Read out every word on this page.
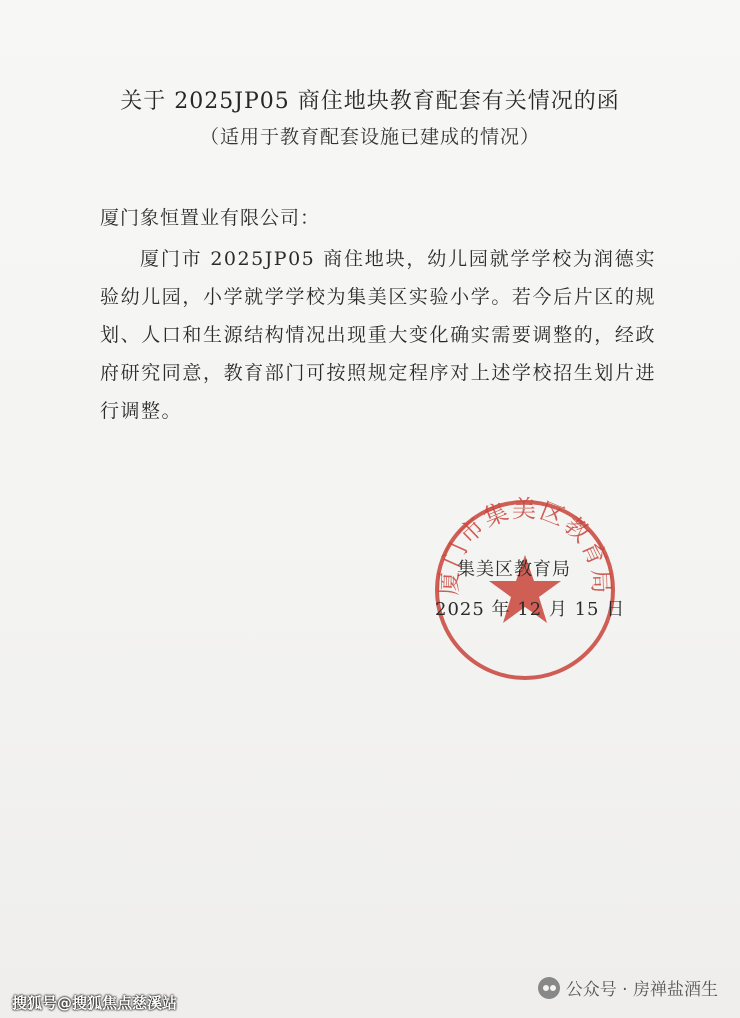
关于 2025JP05 商住地块教育配套有关情况的函
（适用于教育配套设施已建成的情况）
厦门象恒置业有限公司：

厦门市 2025JP05 商住地块，幼儿园就学学校为润德实验幼儿园，小学就学学校为集美区实验小学。若今后片区的规划、人口和生源结构情况出现重大变化确实需要调整的，经政府研究同意，教育部门可按照规定程序对上述学校招生划片进行调整。

厦门市集美区教育局
集美区教育局
2025 年 12 月 15 日
公众号 · 房禅盐酒生
搜狐号@搜狐焦点慈溪站
